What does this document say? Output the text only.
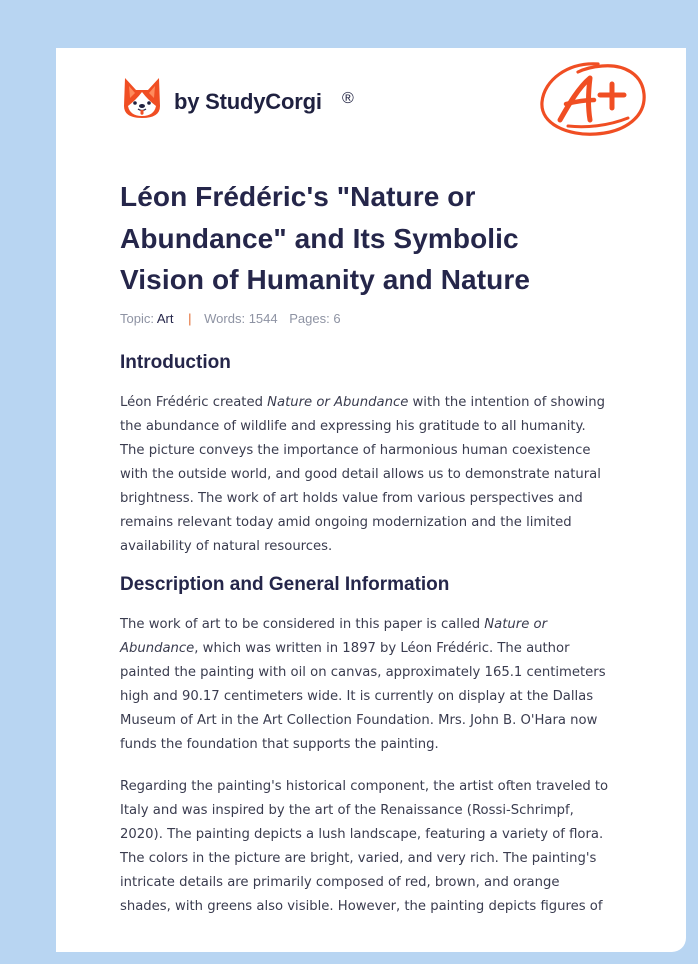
by StudyCorgi ®
Léon Frédéric's "Nature or
Abundance" and Its Symbolic
Vision of Humanity and Nature
Topic: Art | Words: 1544 Pages: 6
Introduction

Léon Frédéric created Nature or Abundance with the intention of showing
the abundance of wildlife and expressing his gratitude to all humanity.
The picture conveys the importance of harmonious human coexistence
with the outside world, and good detail allows us to demonstrate natural
brightness. The work of art holds value from various perspectives and
remains relevant today amid ongoing modernization and the limited
availability of natural resources.

Description and General Information

The work of art to be considered in this paper is called Nature or
Abundance, which was written in 1897 by Léon Frédéric. The author
painted the painting with oil on canvas, approximately 165.1 centimeters
high and 90.17 centimeters wide. It is currently on display at the Dallas
Museum of Art in the Art Collection Foundation. Mrs. John B. O'Hara now
funds the foundation that supports the painting.

Regarding the painting's historical component, the artist often traveled to
Italy and was inspired by the art of the Renaissance (Rossi-Schrimpf,
2020). The painting depicts a lush landscape, featuring a variety of flora.
The colors in the picture are bright, varied, and very rich. The painting's
intricate details are primarily composed of red, brown, and orange
shades, with greens also visible. However, the painting depicts figures of
